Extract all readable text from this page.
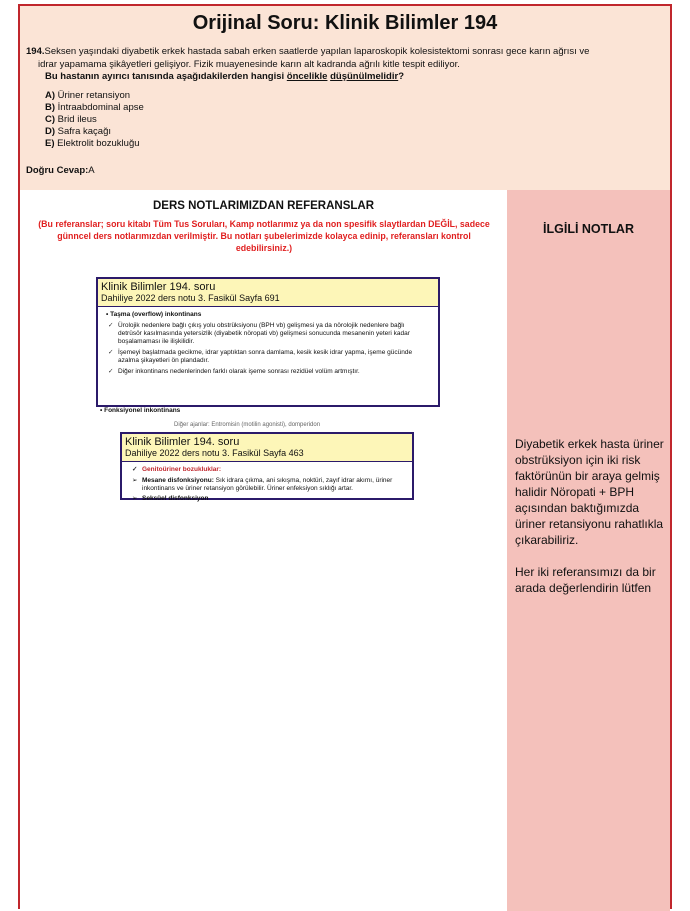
Orijinal Soru: Klinik Bilimler 194
194.Seksen yaşındaki diyabetik erkek hastada sabah erken saatlerde yapılan laparoskopik kolesistektomi sonrası gece karın ağrısı ve
idrar yapamama şikâyetleri gelişiyor. Fizik muayenesinde karın alt kadranda ağrılı kitle tespit ediliyor.
Bu hastanın ayırıcı tanısında aşağıdakilerden hangisi öncelikle düşünülmelidir?
A) Üriner retansiyon
B) İntraabdominal apse
C) Brid ileus
D) Safra kaçağı
E) Elektrolit bozukluğu
Doğru Cevap:A
DERS NOTLARIMIZDAN REFERANSLAR
(Bu referanslar; soru kitabı Tüm Tus Soruları, Kamp notlarımız ya da non spesifik slaytlardan DEĞİL, sadece günncel ders notlarımızdan verilmiştir. Bu notları şubelerimizde kolayca edinip, referansları kontrol edebilirsiniz.)
Klinik Bilimler 194. soru
Dahiliye 2022 ders notu 3. Fasikül Sayfa 691
• Taşma (overflow) inkontinans
✓ Ürolojik nedenlere bağlı çıkış yolu obstrüksiyonu (BPH vb) gelişmesi ya da nörolojik nedenlere bağlı detrüsör kasılmasında yetersizlik (diyabetik nöropati vb) gelişmesi sonucunda mesanenin yeteri kadar boşalamaması ile ilişkilidir.
✓ İşemeyi başlatmada gecikme, idrar yaptıktan sonra damlama, kesik kesik idrar yapma, işeme gücünde azalma şikayetleri ön plandadır.
✓ Diğer inkontinans nedenlerinden farklı olarak işeme sonrası rezidüel volüm artmıştır.
• Fonksiyonel inkontinans
Diğer ajanlar: Entromisin (motilin agonisti), domperidon
Klinik Bilimler 194. soru
Dahiliye 2022 ders notu 3. Fasikül Sayfa 463
✓ Genitoüriner bozukluklar:
➢ Mesane disfonksiyonu: Sık idrara çıkma, ani sıkışma, noktüri, zayıf idrar akımı, üriner inkontinans ve üriner retansiyon görülebilir. Üriner enfeksiyon sıklığı artar.
➢ Seksüel disfonksiyon
İLGİLİ NOTLAR

Diyabetik erkek hasta üriner obstrüksiyon için iki risk faktörünün bir araya gelmiş halidir Nöropati + BPH açısından baktığımızda üriner retansiyonu rahatlıkla çıkarabiliriz.

Her iki referansımızı da bir arada değerlendirin lütfen
